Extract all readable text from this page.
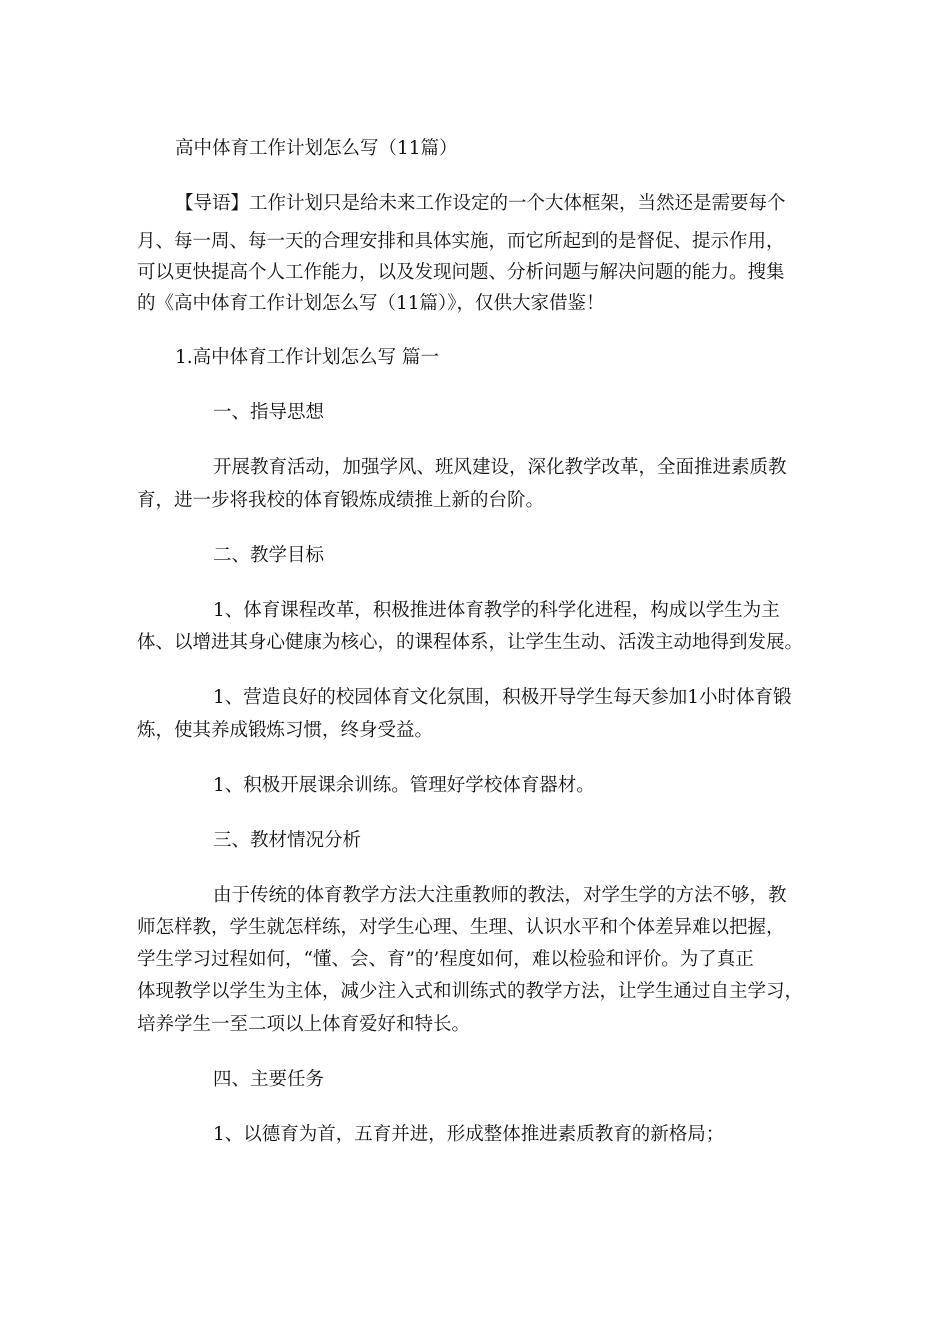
高中体育工作计划怎么写（11篇）
【导语】工作计划只是给未来工作设定的一个大体框架，当然还是需要每个
月、每一周、每一天的合理安排和具体实施，而它所起到的是督促、提示作用，
可以更快提高个人工作能力，以及发现问题、分析问题与解决问题的能力。搜集
的《高中体育工作计划怎么写（11篇）》，仅供大家借鉴！
1.高中体育工作计划怎么写 篇一
一、指导思想
开展教育活动，加强学风、班风建设，深化教学改革，全面推进素质教
育，进一步将我校的体育锻炼成绩推上新的台阶。
二、教学目标
1、体育课程改革，积极推进体育教学的科学化进程，构成以学生为主
体、以增进其身心健康为核心，的课程体系，让学生生动、活泼主动地得到发展。
1、营造良好的校园体育文化氛围，积极开导学生每天参加1小时体育锻
炼，使其养成锻炼习惯，终身受益。
1、积极开展课余训练。管理好学校体育器材。
三、教材情况分析
由于传统的体育教学方法大注重教师的教法，对学生学的方法不够，教
师怎样教，学生就怎样练，对学生心理、生理、认识水平和个体差异难以把握，
学生学习过程如何，“懂、会、育”的’程度如何，难以检验和评价。为了真正
体现教学以学生为主体，减少注入式和训练式的教学方法，让学生通过自主学习，
培养学生一至二项以上体育爱好和特长。
四、主要任务
1、以德育为首，五育并进，形成整体推进素质教育的新格局；
